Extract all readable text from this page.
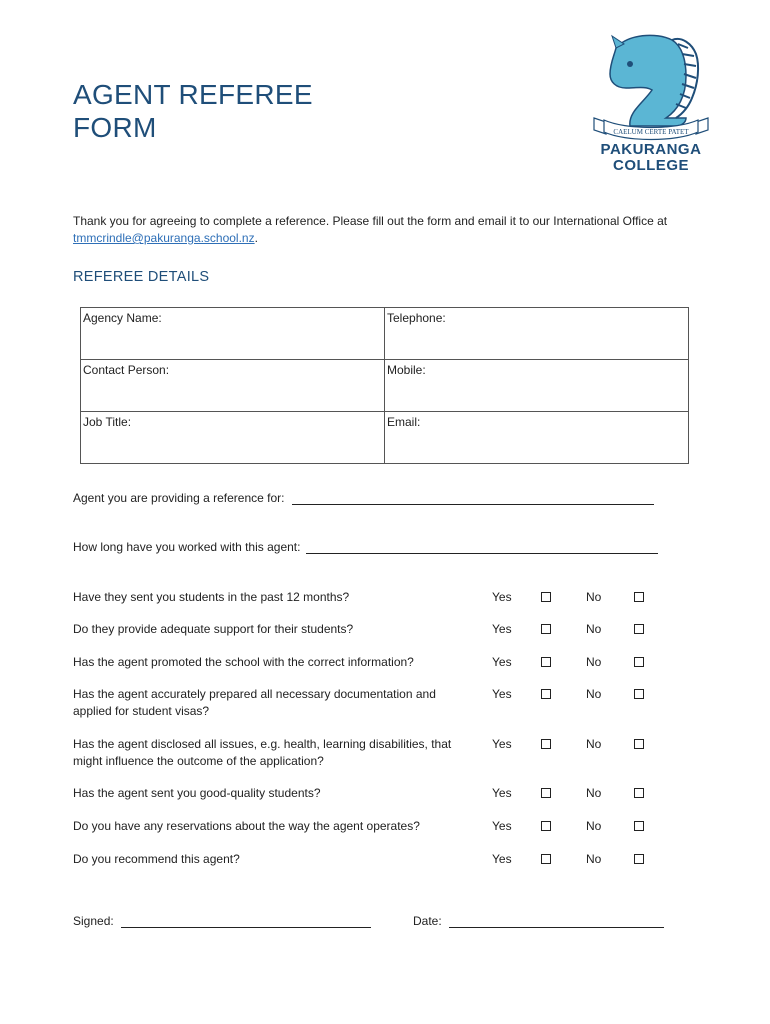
AGENT REFEREE
FORM	CAELUM CERTE PATET
PAKURANGA
COLLEGE
Thank you for agreeing to complete a reference. Please fill out the form and email it to our International Office at tmmcrindle@pakuranga.school.nz.
REFEREE DETAILS
Agency Name:	Telephone:
Contact Person:	Mobile:
Job Title:	Email:
Agent you are providing a reference for:
How long have you worked with this agent:
Have they sent you students in the past 12 months?	Yes	No
Do they provide adequate support for their students?	Yes	No
Has the agent promoted the school with the correct information?	Yes	No
Has the agent accurately prepared all necessary documentation and applied for student visas?
Yes	No
Has the agent disclosed all issues, e.g. health, learning disabilities, that might influence the outcome of the application?
Yes	No
Has the agent sent you good-quality students?	Yes	No
Do you have any reservations about the way the agent operates?	Yes	No
Do you recommend this agent?	Yes	No
Signed:	Date:
